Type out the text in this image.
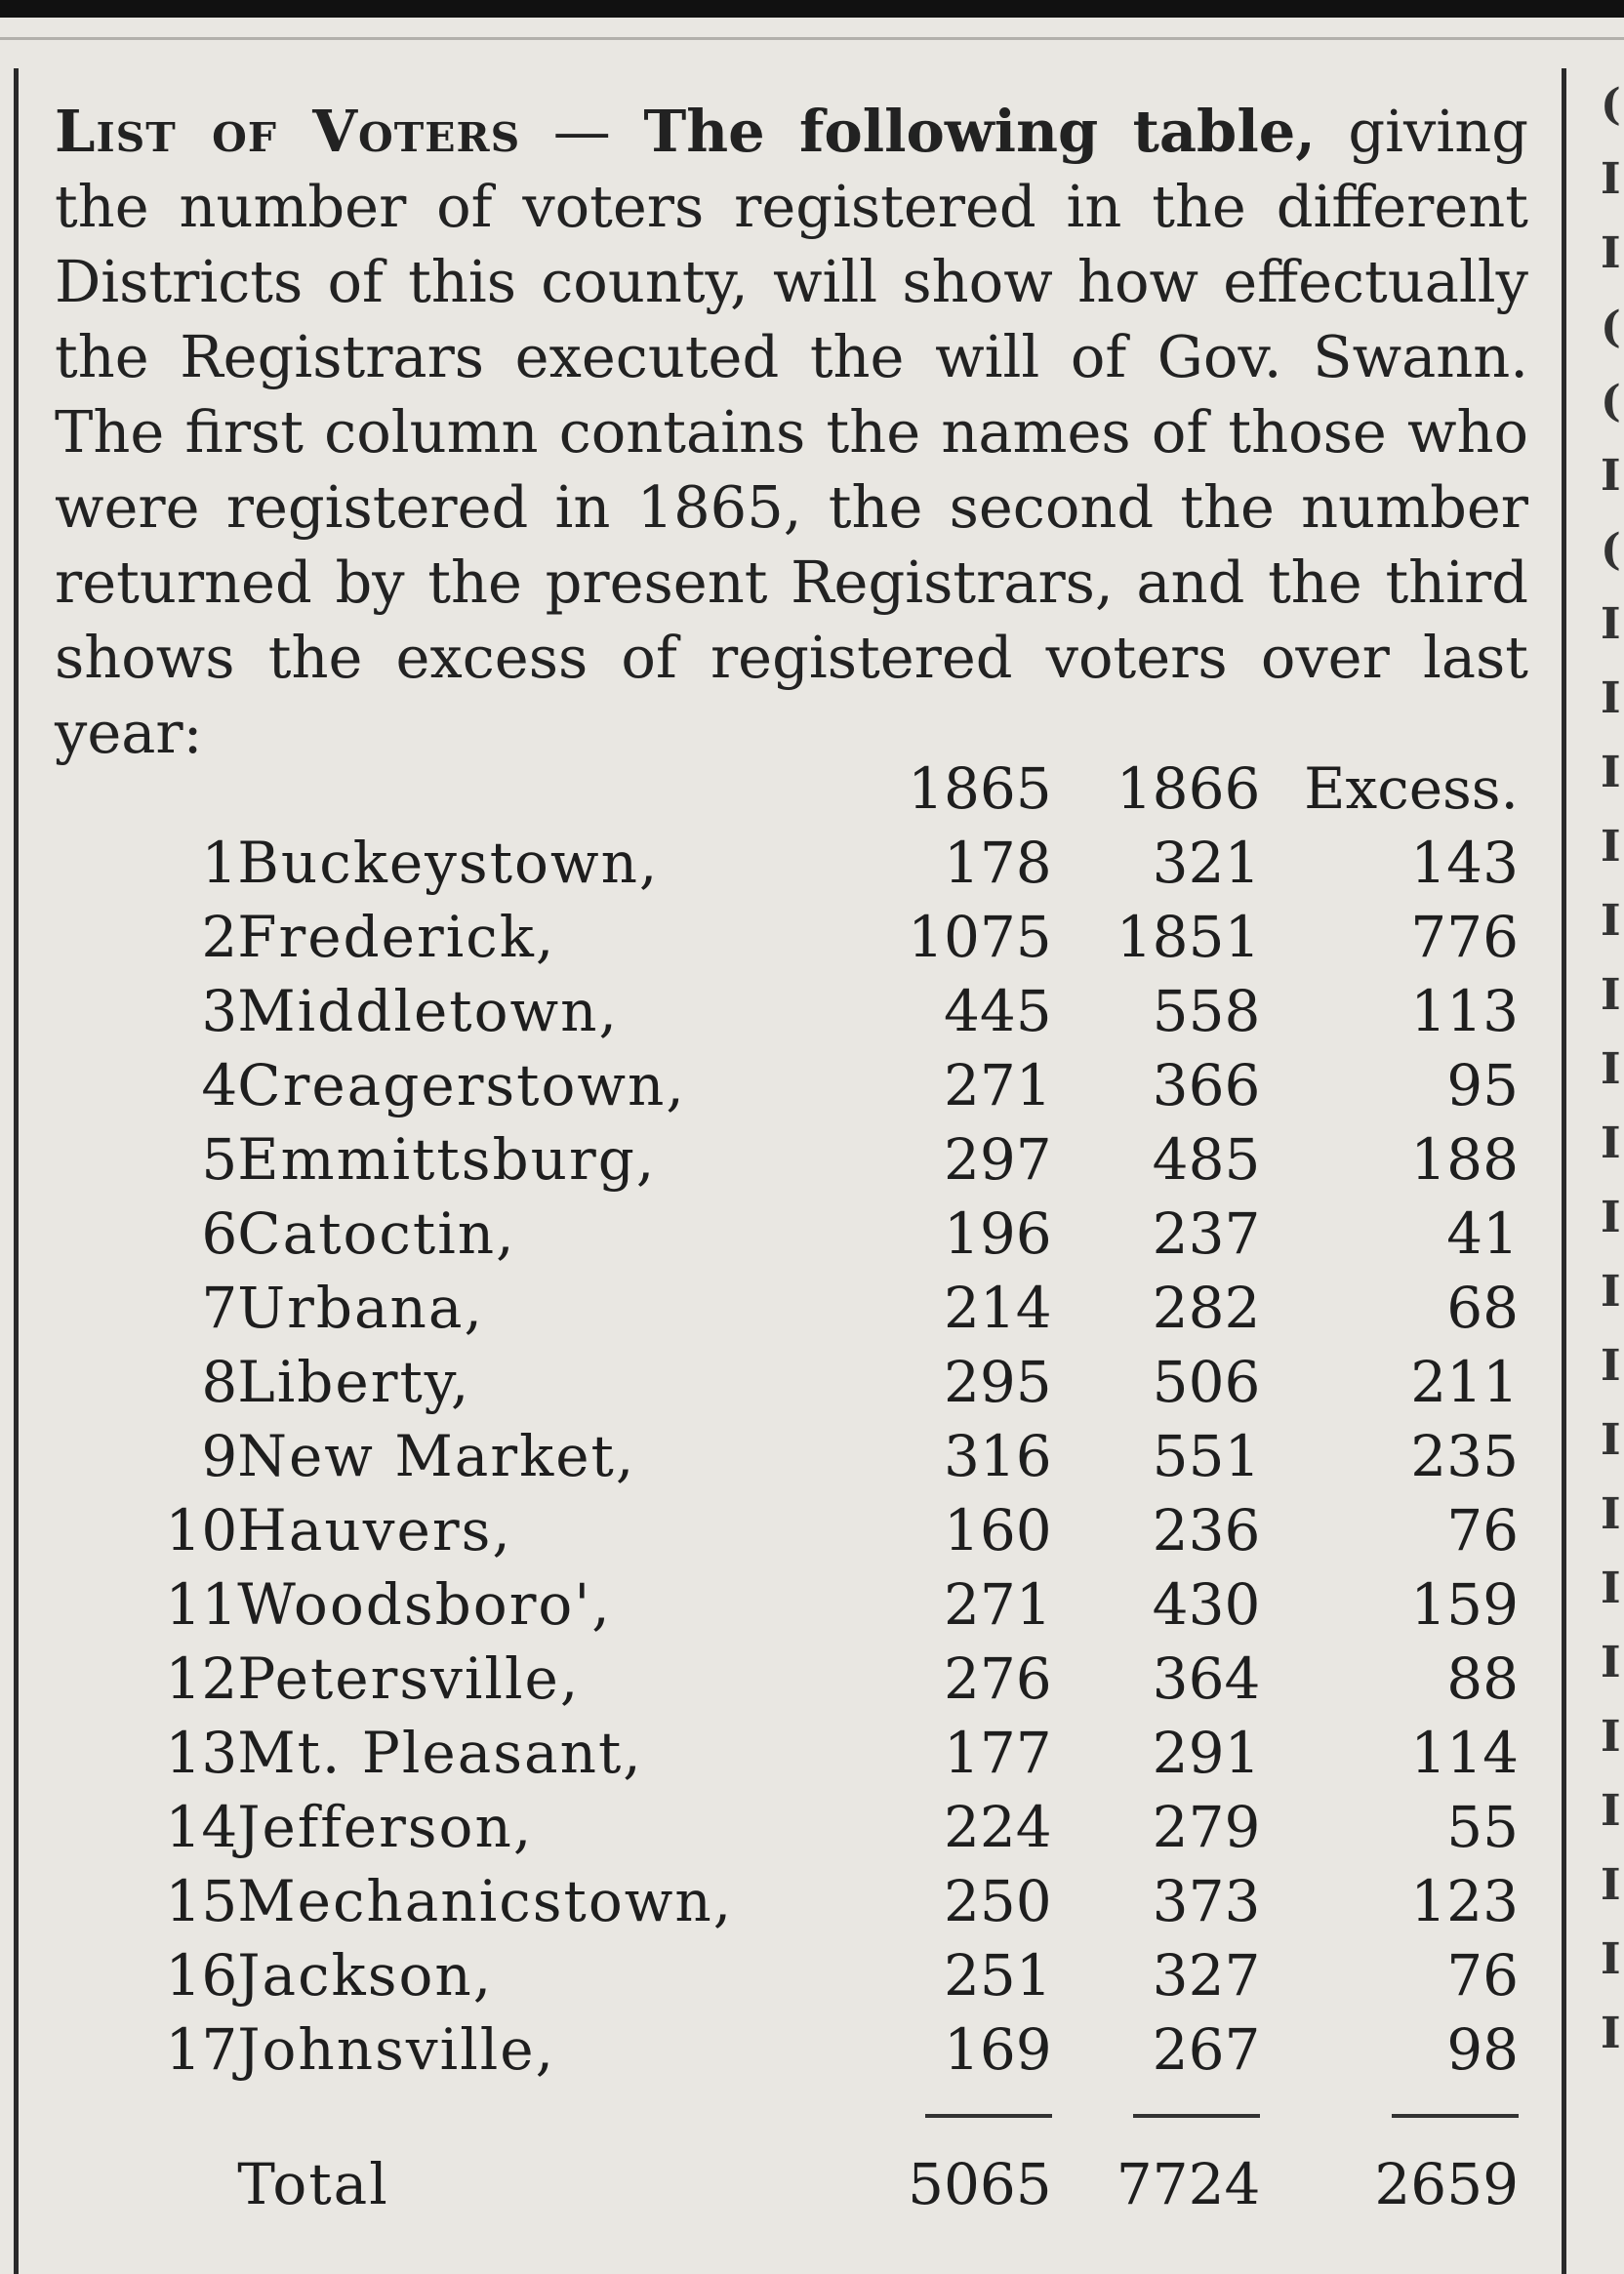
( I I ( ( I ( I I I I I I I I I I I I I I I I I I I I

List of Voters — The following table, giving the number of voters registered in the different Districts of this county, will show how effectually the Registrars executed the will of Gov. Swann. The first column contains the names of those who were registered in 1865, the second the number returned by the present Registrars, and the third shows the excess of registered voters over last year:

		1865	1866	Excess.
1	Buckeystown,	178	321	143
2	Frederick,	1075	1851	776
3	Middletown,	445	558	113
4	Creagerstown,	271	366	95
5	Emmittsburg,	297	485	188
6	Catoctin,	196	237	41
7	Urbana,	214	282	68
8	Liberty,	295	506	211
9	New Market,	316	551	235
10	Hauvers,	160	236	76
11	Woodsboro',	271	430	159
12	Petersville,	276	364	88
13	Mt. Pleasant,	177	291	114
14	Jefferson,	224	279	55
15	Mechanicstown,	250	373	123
16	Jackson,	251	327	76
17	Johnsville,	169	267	98

	Total	5065	7724	2659
